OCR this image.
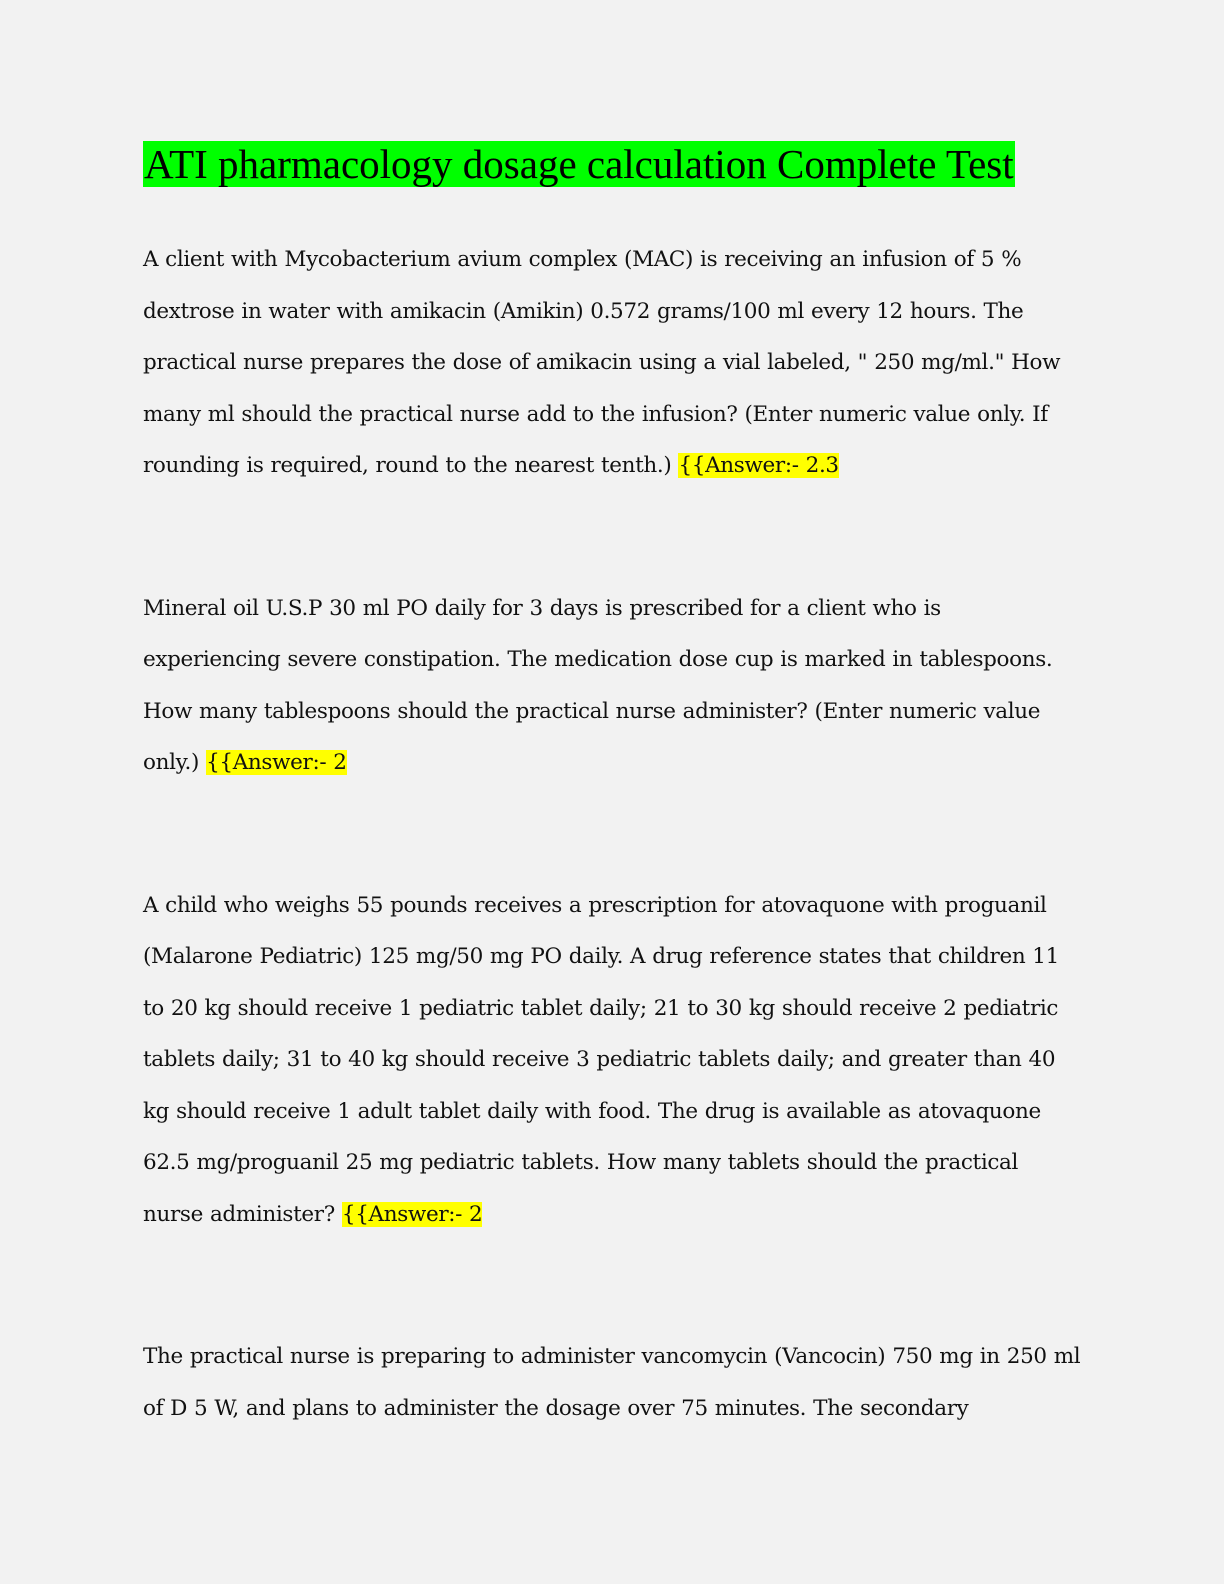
ATI pharmacology dosage calculation Complete Test

A client with Mycobacterium avium complex (MAC) is receiving an infusion of 5 % dextrose in water with amikacin (Amikin) 0.572 grams/100 ml every 12 hours. The practical nurse prepares the dose of amikacin using a vial labeled, " 250 mg/ml." How many ml should the practical nurse add to the infusion? (Enter numeric value only. If rounding is required, round to the nearest tenth.) {{Answer:- 2.3

Mineral oil U.S.P 30 ml PO daily for 3 days is prescribed for a client who is experiencing severe constipation. The medication dose cup is marked in tablespoons. How many tablespoons should the practical nurse administer? (Enter numeric value only.) {{Answer:- 2

A child who weighs 55 pounds receives a prescription for atovaquone with proguanil (Malarone Pediatric) 125 mg/50 mg PO daily. A drug reference states that children 11 to 20 kg should receive 1 pediatric tablet daily; 21 to 30 kg should receive 2 pediatric tablets daily; 31 to 40 kg should receive 3 pediatric tablets daily; and greater than 40 kg should receive 1 adult tablet daily with food. The drug is available as atovaquone 62.5 mg/proguanil 25 mg pediatric tablets. How many tablets should the practical nurse administer? {{Answer:- 2

The practical nurse is preparing to administer vancomycin (Vancocin) 750 mg in 250 ml of D 5 W, and plans to administer the dosage over 75 minutes. The secondary
